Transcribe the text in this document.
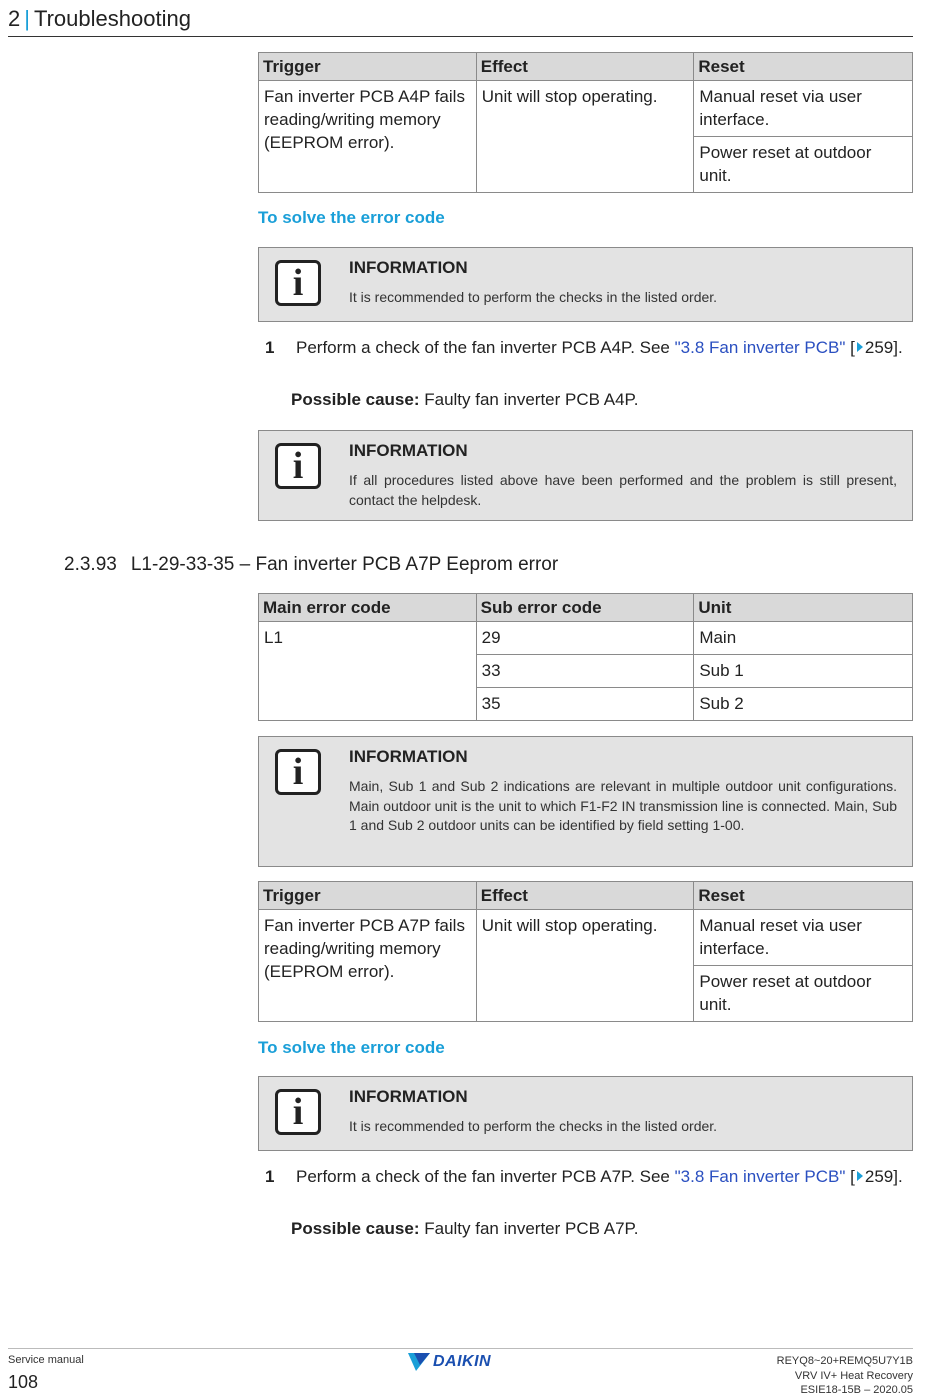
2 | Troubleshooting
Trigger	Effect	Reset
Fan inverter PCB A4P fails reading/writing memory (EEPROM error).	Unit will stop operating.	Manual reset via user interface.
		Power reset at outdoor unit.
To solve the error code
i	INFORMATION
It is recommended to perform the checks in the listed order.
1 Perform a check of the fan inverter PCB A4P. See "3.8 Fan inverter PCB" [ 259].
Possible cause: Faulty fan inverter PCB A4P.
i	INFORMATION
If all procedures listed above have been performed and the problem is still present, contact the helpdesk.
2.3.93 L1-29-33-35 – Fan inverter PCB A7P Eeprom error
Main error code	Sub error code	Unit
L1	29	Main
	33	Sub 1
	35	Sub 2
i	INFORMATION
Main, Sub 1 and Sub 2 indications are relevant in multiple outdoor unit configurations. Main outdoor unit is the unit to which F1-F2 IN transmission line is connected. Main, Sub 1 and Sub 2 outdoor units can be identified by field setting 1-00.
Trigger	Effect	Reset
Fan inverter PCB A7P fails reading/writing memory (EEPROM error).	Unit will stop operating.	Manual reset via user interface.
		Power reset at outdoor unit.
To solve the error code
i	INFORMATION
It is recommended to perform the checks in the listed order.
1 Perform a check of the fan inverter PCB A7P. See "3.8 Fan inverter PCB" [ 259].
Possible cause: Faulty fan inverter PCB A7P.
Service manual
108
DAIKIN	REYQ8~20+REMQ5U7Y1B
VRV IV+ Heat Recovery
ESIE18-15B – 2020.05
